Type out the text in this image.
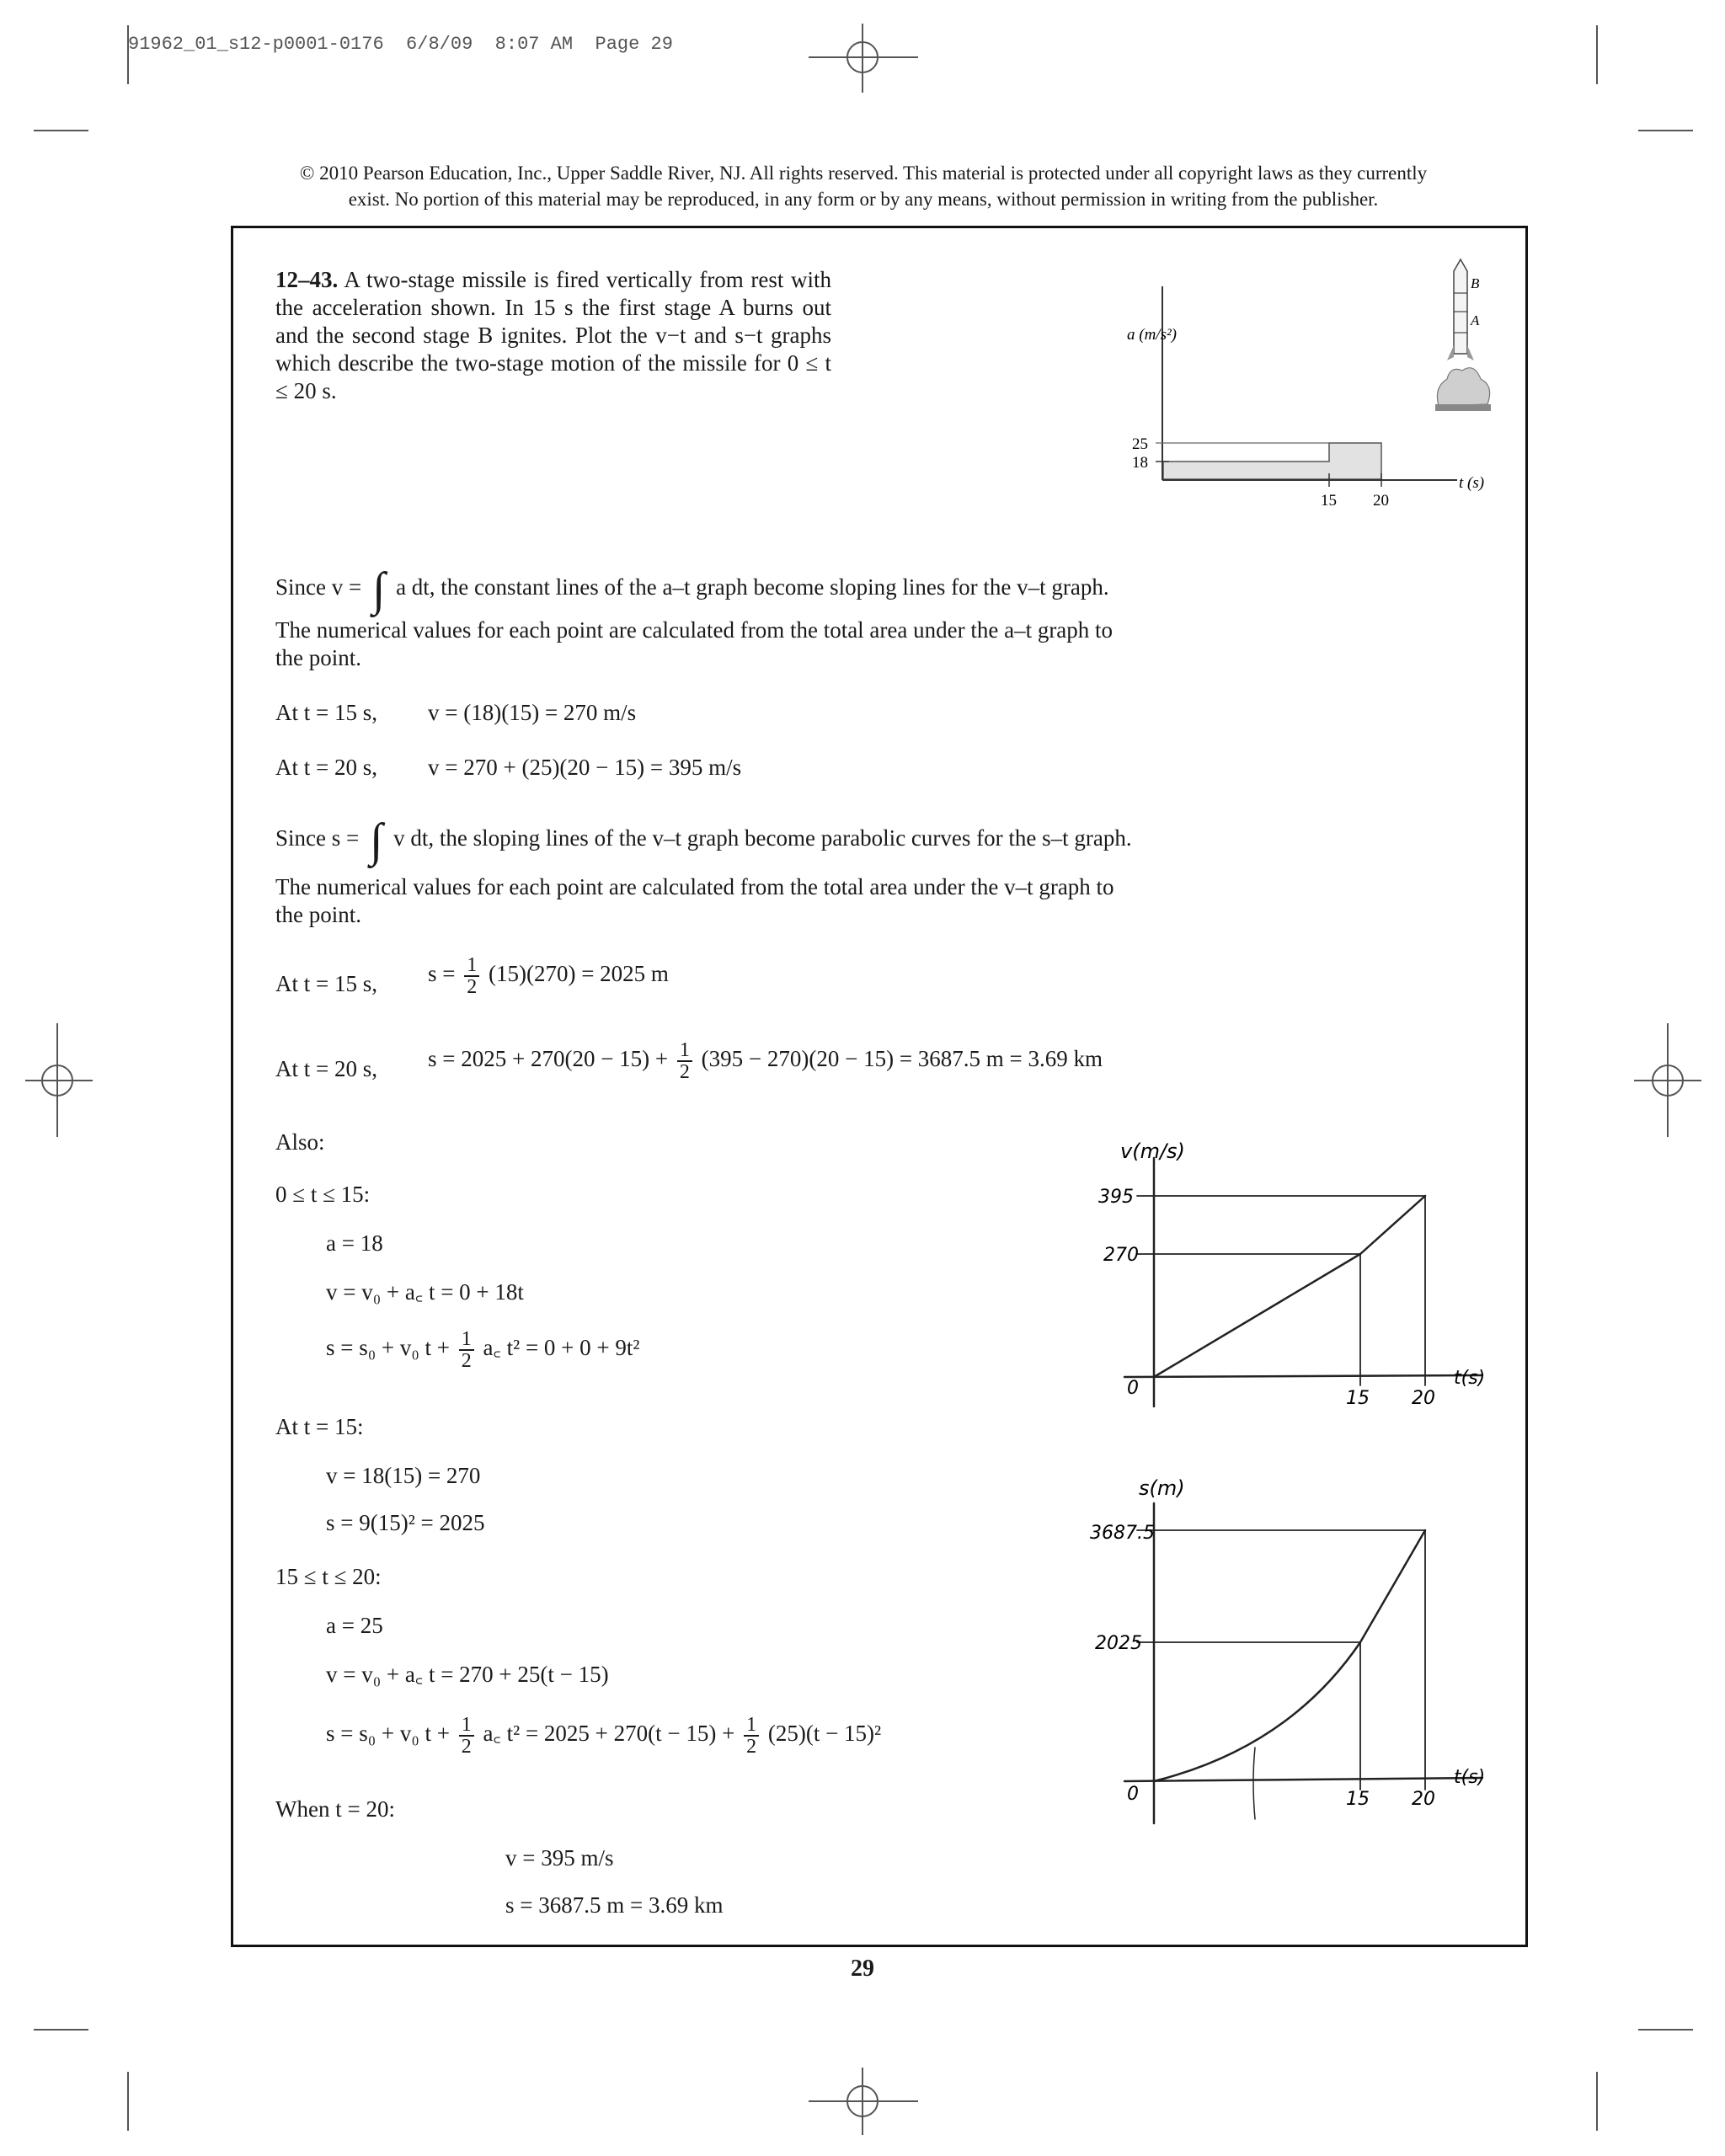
91962_01_s12-p0001-0176  6/8/09  8:07 AM  Page 29
© 2010 Pearson Education, Inc., Upper Saddle River, NJ. All rights reserved. This material is protected under all copyright laws as they currently
exist. No portion of this material may be reproduced, in any form or by any means, without permission in writing from the publisher.
12–43. A two-stage missile is fired vertically from rest with the acceleration shown. In 15 s the first stage A burns out and the second stage B ignites. Plot the v−t and s−t graphs which describe the two-stage motion of the missile for 0 ≤ t ≤ 20 s.
a (m/s²)
t (s)
25
18
15 20
B
A
Since v = ∫ a dt, the constant lines of the a–t graph become sloping lines for the v–t graph.
The numerical values for each point are calculated from the total area under the a–t graph to
the point.
At t = 15 s, v = (18)(15) = 270 m/s
At t = 20 s, v = 270 + (25)(20 − 15) = 395 m/s
Since s = ∫ v dt, the sloping lines of the v–t graph become parabolic curves for the s–t graph.
The numerical values for each point are calculated from the total area under the v–t graph to
the point.
At t = 15 s, $s = \frac{1}{2} (15)(270) = 2025$ m
At t = 20 s, $s = 2025 + 270(20 - 15) + \frac{1}{2} (395 - 270)(20 - 15) = 3687.5$ m = 3.69 km
Also:
0 ≤ t ≤ 15:
a = 18
v = v₀ + a꜀ t = 0 + 18t
s = s₀ + v₀ $t + \frac{1}{2}$ a꜀ t² = 0 + 0 + 9t²
At t = 15:
v = 18(15) = 270
s = 9(15)² = 2025
15 ≤ t ≤ 20:
a = 25
v = v₀ + a꜀ t = 270 + 25(t − 15)
s = s₀ + v₀ $t + \frac{1}{2}$ a꜀ $t^2 = 2025 + 270(t - 15) + \frac{1}{2} (25)(t - 15)^2$
When t = 20:
v = 395 m/s
s = 3687.5 m = 3.69 km
v(m/s)
395
270
0	15 20
t(s)
s(m)
3687.5
2025
0	15 20
t(s)
29
